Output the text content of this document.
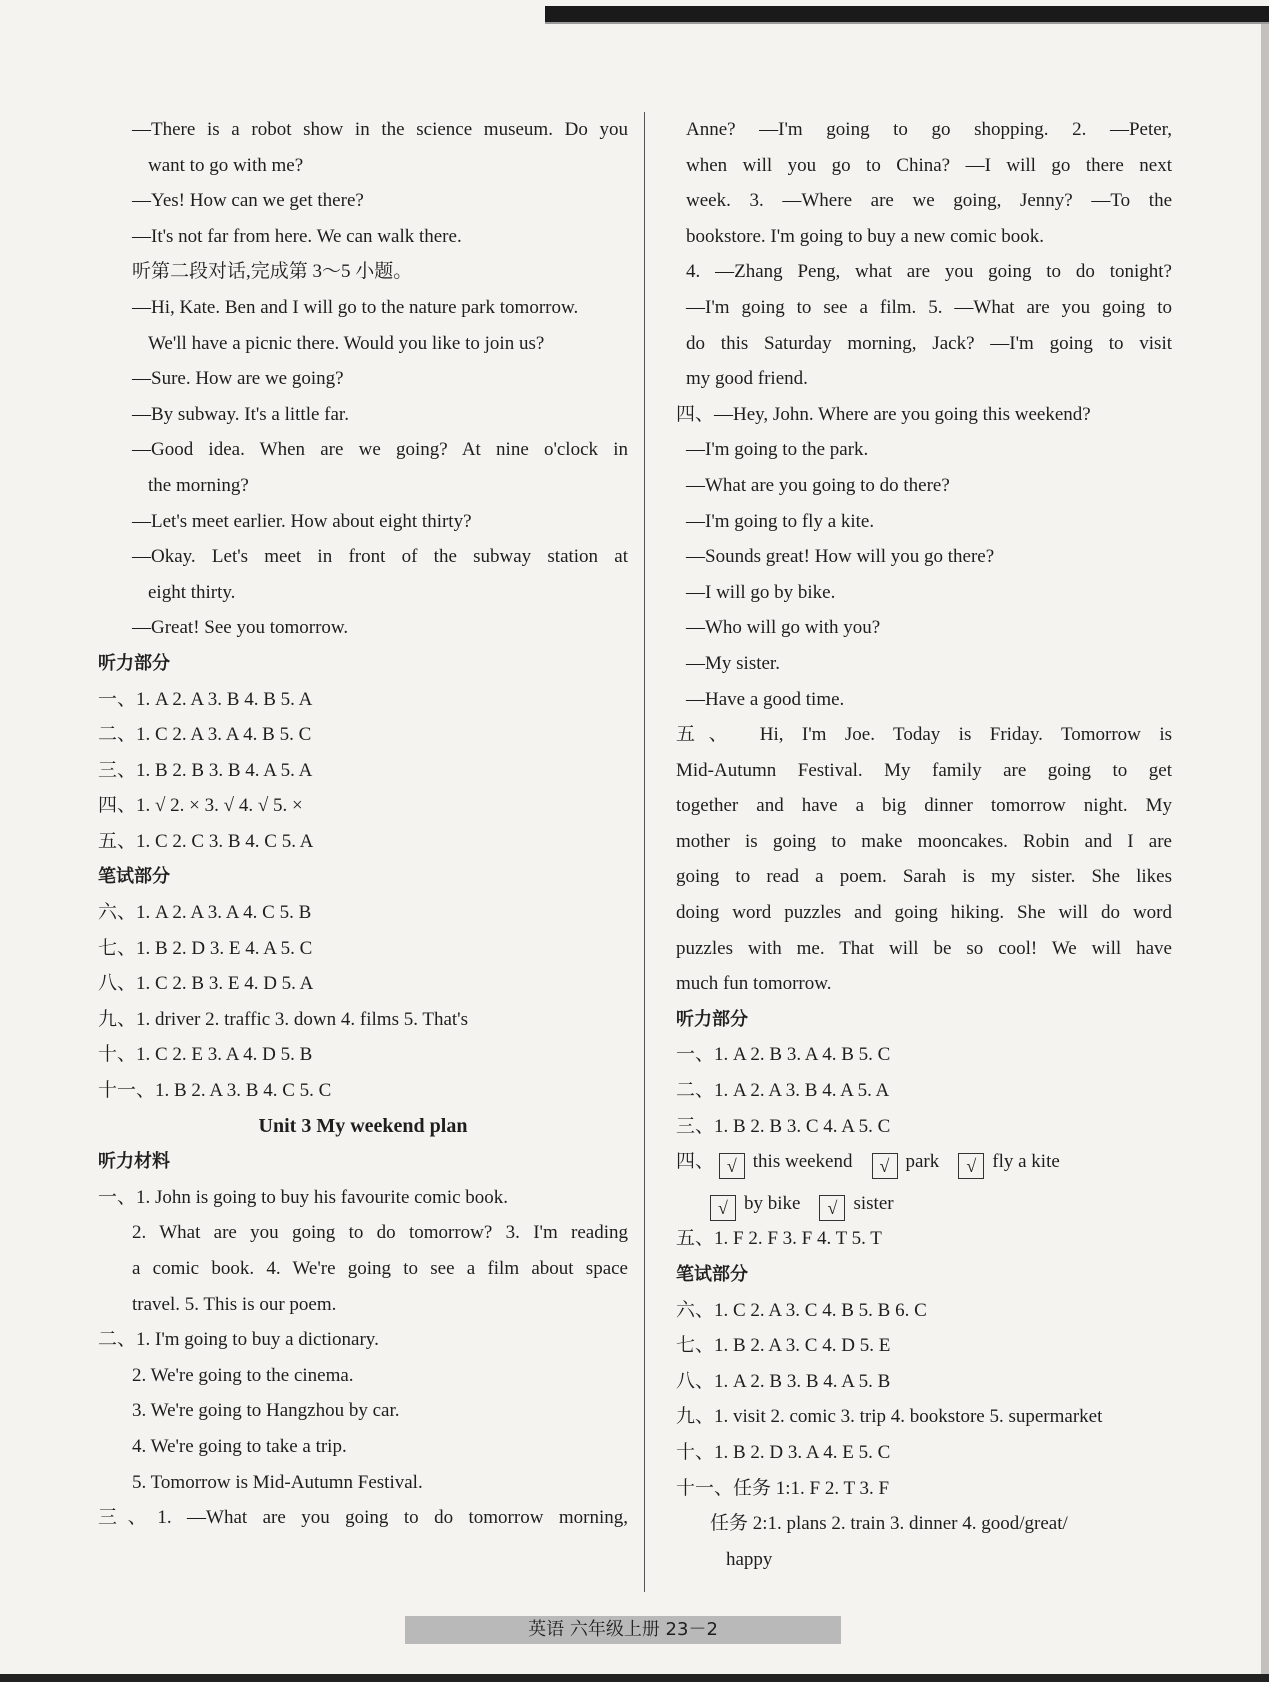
—There is a robot show in the science museum. Do you
want to go with me?
—Yes! How can we get there?
—It's not far from here. We can walk there.
听第二段对话,完成第 3～5 小题。
—Hi, Kate. Ben and I will go to the nature park tomorrow.
We'll have a picnic there. Would you like to join us?
—Sure. How are we going?
—By subway. It's a little far.
—Good idea. When are we going? At nine o'clock in
the morning?
—Let's meet earlier. How about eight thirty?
—Okay. Let's meet in front of the subway station at
eight thirty.
—Great! See you tomorrow.
听力部分
一、1. A 2. A 3. B 4. B 5. A
二、1. C 2. A 3. A 4. B 5. C
三、1. B 2. B 3. B 4. A 5. A
四、1. √ 2. × 3. √ 4. √ 5. ×
五、1. C 2. C 3. B 4. C 5. A
笔试部分
六、1. A 2. A 3. A 4. C 5. B
七、1. B 2. D 3. E 4. A 5. C
八、1. C 2. B 3. E 4. D 5. A
九、1. driver 2. traffic 3. down 4. films 5. That's
十、1. C 2. E 3. A 4. D 5. B
十一、1. B 2. A 3. B 4. C 5. C
Unit 3 My weekend plan
听力材料
一、1. John is going to buy his favourite comic book.
2. What are you going to do tomorrow? 3. I'm reading
a comic book. 4. We're going to see a film about space
travel. 5. This is our poem.
二、1. I'm going to buy a dictionary.
2. We're going to the cinema.
3. We're going to Hangzhou by car.
4. We're going to take a trip.
5. Tomorrow is Mid-Autumn Festival.
三、1. —What are you going to do tomorrow morning,
Anne? —I'm going to go shopping. 2. —Peter,
when will you go to China? —I will go there next
week. 3. —Where are we going, Jenny? —To the
bookstore. I'm going to buy a new comic book.
4. —Zhang Peng, what are you going to do tonight?
—I'm going to see a film. 5. —What are you going to
do this Saturday morning, Jack? —I'm going to visit
my good friend.
四、—Hey, John. Where are you going this weekend?
—I'm going to the park.
—What are you going to do there?
—I'm going to fly a kite.
—Sounds great! How will you go there?
—I will go by bike.
—Who will go with you?
—My sister.
—Have a good time.
五、 Hi, I'm Joe. Today is Friday. Tomorrow is
Mid-Autumn Festival. My family are going to get
together and have a big dinner tomorrow night. My
mother is going to make mooncakes. Robin and I are
going to read a poem. Sarah is my sister. She likes
doing word puzzles and going hiking. She will do word
puzzles with me. That will be so cool! We will have
much fun tomorrow.
听力部分
一、1. A 2. B 3. A 4. B 5. C
二、1. A 2. A 3. B 4. A 5. A
三、1. B 2. B 3. C 4. A 5. C
四、 √ this weekend √ park √ fly a kite
√ by bike √ sister
五、1. F 2. F 3. F 4. T 5. T
笔试部分
六、1. C 2. A 3. C 4. B 5. B 6. C
七、1. B 2. A 3. C 4. D 5. E
八、1. A 2. B 3. B 4. A 5. B
九、1. visit 2. comic 3. trip 4. bookstore 5. supermarket
十、1. B 2. D 3. A 4. E 5. C
十一、任务 1:1. F 2. T 3. F
任务 2:1. plans 2. train 3. dinner 4. good/great/
happy
英语 六年级上册 23－2
